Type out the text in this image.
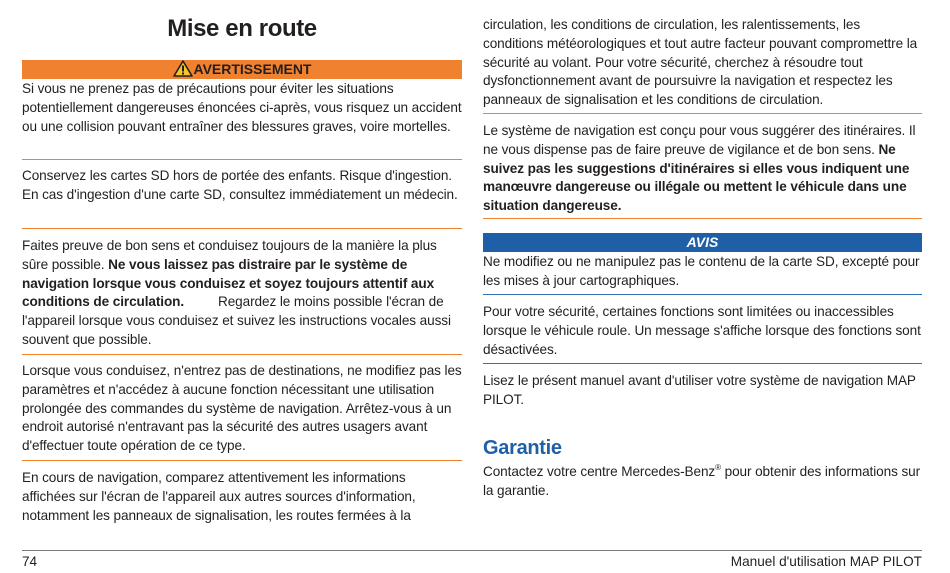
Mise en route
AVERTISSEMENT

Si vous ne prenez pas de précautions pour éviter les situations potentiellement dangereuses énoncées ci-après, vous risquez un accident ou une collision pouvant entraîner des blessures graves, voire mortelles.

Conservez les cartes SD hors de portée des enfants. Risque d'ingestion. En cas d'ingestion d'une carte SD, consultez immédiatement un médecin.

Faites preuve de bon sens et conduisez toujours de la manière la plus sûre possible. Ne vous laissez pas distraire par le système de navigation lorsque vous conduisez et soyez toujours attentif aux conditions de circulation.	Regardez le moins possible l'écran de l'appareil lorsque vous conduisez et suivez les instructions vocales aussi souvent que possible.

Lorsque vous conduisez, n'entrez pas de destinations, ne modifiez pas les paramètres et n'accédez à aucune fonction nécessitant une utilisation prolongée des commandes du système de navigation. Arrêtez-vous à un endroit autorisé n'entravant pas la sécurité des autres usagers avant d'effectuer toute opération de ce type.

En cours de navigation, comparez attentivement les informations affichées sur l'écran de l'appareil aux autres sources d'information, notamment les panneaux de signalisation, les routes fermées à la

circulation, les conditions de circulation, les ralentissements, les conditions météorologiques et tout autre facteur pouvant compromettre la sécurité au volant. Pour votre sécurité, cherchez à résoudre tout dysfonctionnement avant de poursuivre la navigation et respectez les panneaux de signalisation et les conditions de circulation.

Le système de navigation est conçu pour vous suggérer des itinéraires. Il ne vous dispense pas de faire preuve de vigilance et de bon sens. Ne suivez pas les suggestions d'itinéraires si elles vous indiquent une manœuvre dangereuse ou illégale ou mettent le véhicule dans une situation dangereuse.

AVIS

Ne modifiez ou ne manipulez pas le contenu de la carte SD, excepté pour les mises à jour cartographiques.

Pour votre sécurité, certaines fonctions sont limitées ou inaccessibles lorsque le véhicule roule. Un message s'affiche lorsque des fonctions sont désactivées.

Lisez le présent manuel avant d'utiliser votre système de navigation MAP PILOT.

Garantie

Contactez votre centre Mercedes-Benz® pour obtenir des informations sur la garantie.

74	Manuel d'utilisation MAP PILOT
